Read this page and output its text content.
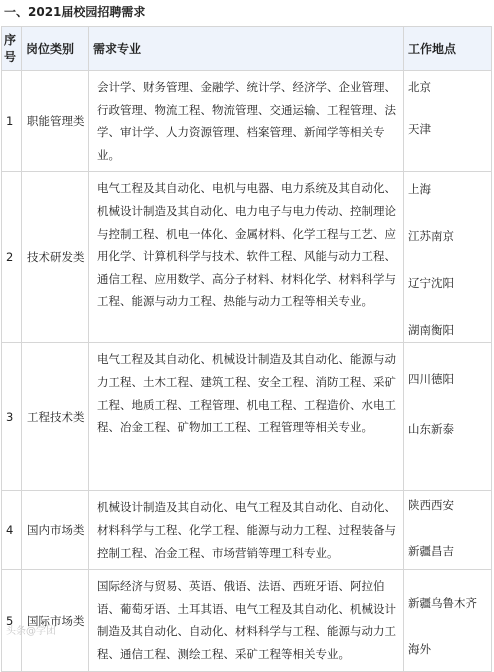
一、2021届校园招聘需求
序号	岗位类别	需求专业	工作地点
1	职能管理类	会计学、财务管理、金融学、统计学、经济学、企业管理、行政管理、物流工程、物流管理、交通运输、工程管理、法学、审计学、人力资源管理、档案管理、新闻学等相关专业。	北京
天津

2	技术研发类	电气工程及其自动化、电机与电器、电力系统及其自动化、机械设计制造及其自动化、电力电子与电力传动、控制理论与控制工程、机电一体化、金属材料、化学工程与工艺、应用化学、计算机科学与技术、软件工程、风能与动力工程、通信工程、应用数学、高分子材料、材料化学、材料科学与工程、能源与动力工程、热能与动力工程等相关专业。	上海
江苏南京
辽宁沈阳
湖南衡阳

3	工程技术类	电气工程及其自动化、机械设计制造及其自动化、能源与动力工程、土木工程、建筑工程、安全工程、消防工程、采矿工程、地质工程、工程管理、机电工程、工程造价、水电工程、冶金工程、矿物加工工程、工程管理等相关专业。	四川德阳
山东新泰

4	国内市场类	机械设计制造及其自动化、电气工程及其自动化、自动化、材料科学与工程、化学工程、能源与动力工程、过程装备与控制工程、冶金工程、市场营销等理工科专业。	陕西西安
新疆昌吉

5	国际市场类	国际经济与贸易、英语、俄语、法语、西班牙语、阿拉伯语、葡萄牙语、土耳其语、电气工程及其自动化、机械设计制造及其自动化、自动化、材料科学与工程、能源与动力工程、通信工程、测绘工程、采矿工程等相关专业。	新疆乌鲁木齐
海外
头条@学团
